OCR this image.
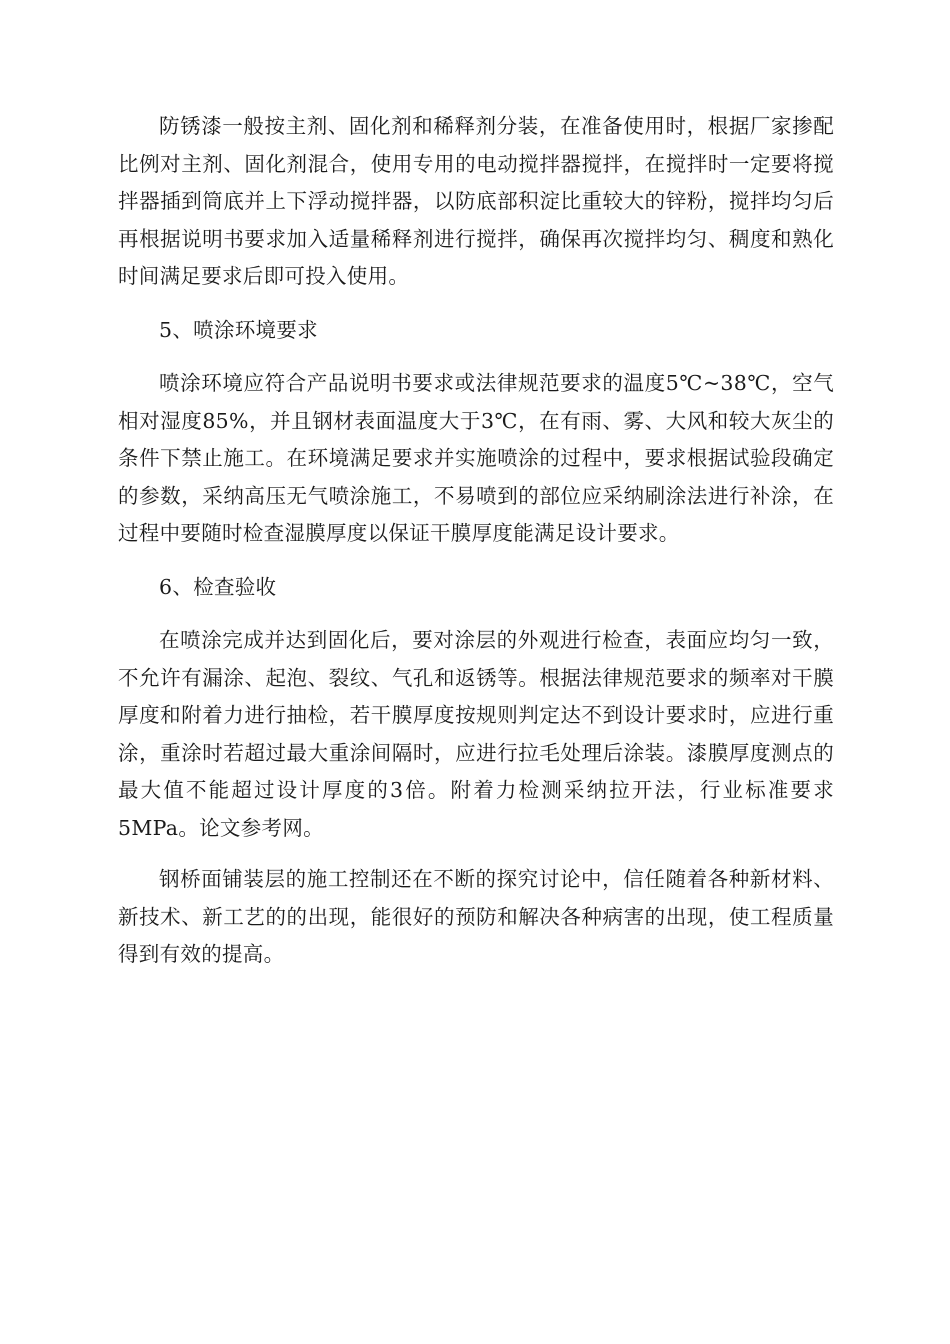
防锈漆一般按主剂、固化剂和稀释剂分装，在准备使用时，根据厂家掺配比例对主剂、固化剂混合，使用专用的电动搅拌器搅拌，在搅拌时一定要将搅拌器插到筒底并上下浮动搅拌器，以防底部积淀比重较大的锌粉，搅拌均匀后再根据说明书要求加入适量稀释剂进行搅拌，确保再次搅拌均匀、稠度和熟化时间满足要求后即可投入使用。

5、喷涂环境要求

喷涂环境应符合产品说明书要求或法律规范要求的温度5℃~38℃，空气相对湿度85%，并且钢材表面温度大于3℃，在有雨、雾、大风和较大灰尘的条件下禁止施工。在环境满足要求并实施喷涂的过程中，要求根据试验段确定的参数，采纳高压无气喷涂施工，不易喷到的部位应采纳刷涂法进行补涂，在过程中要随时检查湿膜厚度以保证干膜厚度能满足设计要求。

6、检查验收

在喷涂完成并达到固化后，要对涂层的外观进行检查，表面应均匀一致，不允许有漏涂、起泡、裂纹、气孔和返锈等。根据法律规范要求的频率对干膜厚度和附着力进行抽检，若干膜厚度按规则判定达不到设计要求时，应进行重涂，重涂时若超过最大重涂间隔时，应进行拉毛处理后涂装。漆膜厚度测点的最大值不能超过设计厚度的3倍。附着力检测采纳拉开法，行业标准要求5MPa。论文参考网。

钢桥面铺装层的施工控制还在不断的探究讨论中，信任随着各种新材料、新技术、新工艺的的出现，能很好的预防和解决各种病害的出现，使工程质量得到有效的提高。
